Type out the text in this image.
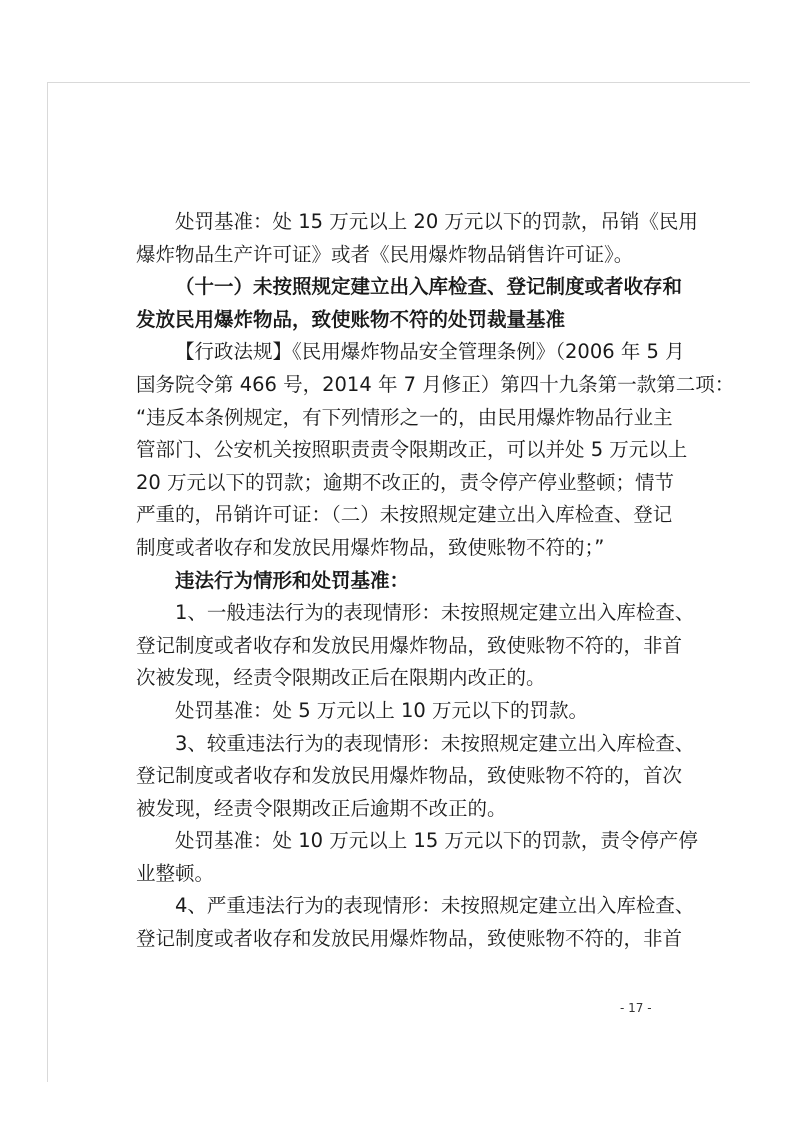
处罚基准：处 15 万元以上 20 万元以下的罚款，吊销《民用
爆炸物品生产许可证》或者《民用爆炸物品销售许可证》。
（十一）未按照规定建立出入库检查、登记制度或者收存和
发放民用爆炸物品，致使账物不符的处罚裁量基准
【行政法规】《民用爆炸物品安全管理条例》（2006 年 5 月
国务院令第 466 号，2014 年 7 月修正）第四十九条第一款第二项：
“违反本条例规定，有下列情形之一的，由民用爆炸物品行业主
管部门、公安机关按照职责责令限期改正，可以并处 5 万元以上
20 万元以下的罚款；逾期不改正的，责令停产停业整顿；情节
严重的，吊销许可证：（二）未按照规定建立出入库检查、登记
制度或者收存和发放民用爆炸物品，致使账物不符的；”
违法行为情形和处罚基准：
1、一般违法行为的表现情形：未按照规定建立出入库检查、
登记制度或者收存和发放民用爆炸物品，致使账物不符的，非首
次被发现，经责令限期改正后在限期内改正的。
处罚基准：处 5 万元以上 10 万元以下的罚款。
3、较重违法行为的表现情形：未按照规定建立出入库检查、
登记制度或者收存和发放民用爆炸物品，致使账物不符的，首次
被发现，经责令限期改正后逾期不改正的。
处罚基准：处 10 万元以上 15 万元以下的罚款，责令停产停
业整顿。
4、严重违法行为的表现情形：未按照规定建立出入库检查、
登记制度或者收存和发放民用爆炸物品，致使账物不符的，非首
- 17 -
